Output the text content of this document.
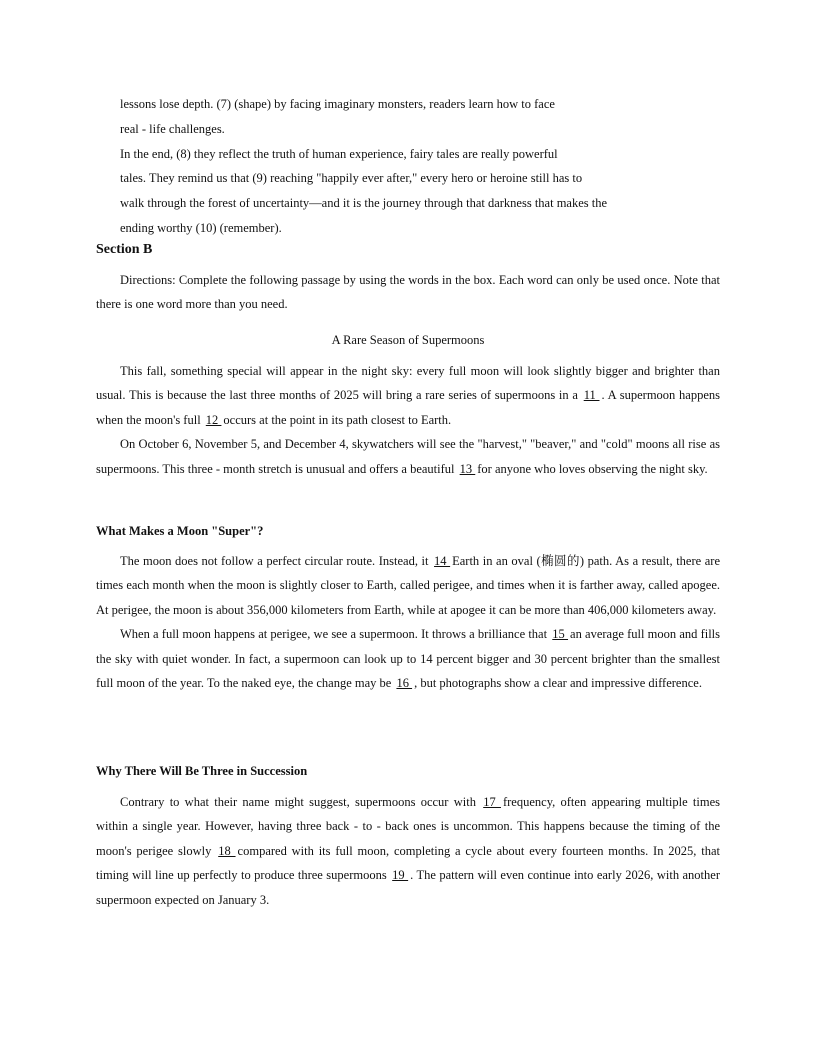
lessons lose depth. (7) (shape) by facing imaginary monsters, readers learn how to face

real - life challenges.

In the end, (8) they reflect the truth of human experience, fairy tales are really powerful

tales. They remind us that (9) reaching "happily ever after," every hero or heroine still has to

walk through the forest of uncertainty—and it is the journey through that darkness that makes the

ending worthy (10) (remember).

Section B

Directions: Complete the following passage by using the words in the box. Each word can only be used once. Note that there is one word more than you need.

A Rare Season of Supermoons

This fall, something special will appear in the night sky: every full moon will look slightly bigger and brighter than usual. This is because the last three months of 2025 will bring a rare series of supermoons in a 11 . A supermoon happens when the moon's full 12 occurs at the point in its path closest to Earth.

On October 6, November 5, and December 4, skywatchers will see the "harvest," "beaver," and "cold" moons all rise as supermoons. This three - month stretch is unusual and offers a beautiful 13 for anyone who loves observing the night sky.

What Makes a Moon "Super"?

The moon does not follow a perfect circular route. Instead, it 14 Earth in an oval (椭圆的) path. As a result, there are times each month when the moon is slightly closer to Earth, called perigee, and times when it is farther away, called apogee. At perigee, the moon is about 356,000 kilometers from Earth, while at apogee it can be more than 406,000 kilometers away.

When a full moon happens at perigee, we see a supermoon. It throws a brilliance that 15 an average full moon and fills the sky with quiet wonder. In fact, a supermoon can look up to 14 percent bigger and 30 percent brighter than the smallest full moon of the year. To the naked eye, the change may be 16 , but photographs show a clear and impressive difference.

Why There Will Be Three in Succession

Contrary to what their name might suggest, supermoons occur with 17 frequency, often appearing multiple times within a single year. However, having three back - to - back ones is uncommon. This happens because the timing of the moon's perigee slowly 18 compared with its full moon, completing a cycle about every fourteen months. In 2025, that timing will line up perfectly to produce three supermoons 19 . The pattern will even continue into early 2026, with another supermoon expected on January 3.
